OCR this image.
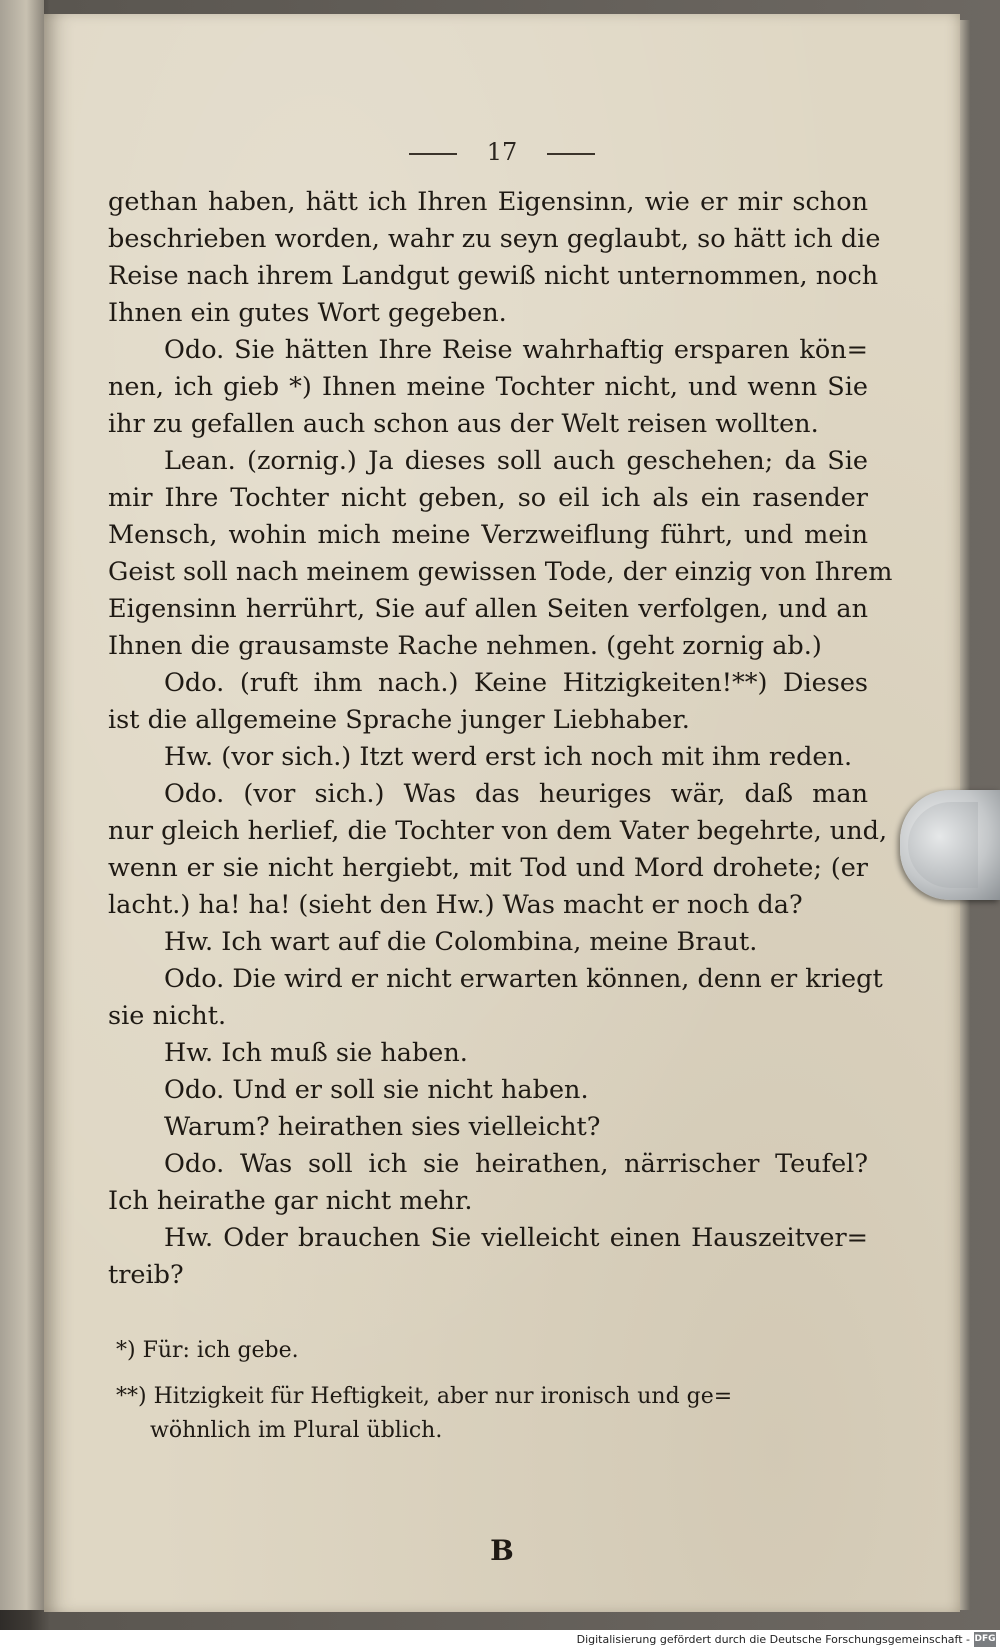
17
gethan haben, hätt ich Ihren Eigensinn, wie er mir schon
beschrieben worden, wahr zu seyn geglaubt, so hätt ich die
Reise nach ihrem Landgut gewiß nicht unternommen, noch
Ihnen ein gutes Wort gegeben.
Odo. Sie hätten Ihre Reise wahrhaftig ersparen kön=
nen, ich gieb *) Ihnen meine Tochter nicht, und wenn Sie
ihr zu gefallen auch schon aus der Welt reisen wollten.
Lean. (zornig.) Ja dieses soll auch geschehen; da Sie
mir Ihre Tochter nicht geben, so eil ich als ein rasender
Mensch, wohin mich meine Verzweiflung führt, und mein
Geist soll nach meinem gewissen Tode, der einzig von Ihrem
Eigensinn herrührt, Sie auf allen Seiten verfolgen, und an
Ihnen die grausamste Rache nehmen. (geht zornig ab.)
Odo. (ruft ihm nach.) Keine Hitzigkeiten!**) Dieses
ist die allgemeine Sprache junger Liebhaber.
Hw. (vor sich.) Itzt werd erst ich noch mit ihm reden.
Odo. (vor sich.) Was das heuriges wär, daß man
nur gleich herlief, die Tochter von dem Vater begehrte, und,
wenn er sie nicht hergiebt, mit Tod und Mord drohete; (er
lacht.) ha! ha! (sieht den Hw.) Was macht er noch da?
Hw. Ich wart auf die Colombina, meine Braut.
Odo. Die wird er nicht erwarten können, denn er kriegt
sie nicht.
Hw. Ich muß sie haben.
Odo. Und er soll sie nicht haben.
Warum? heirathen sies vielleicht?
Odo. Was soll ich sie heirathen, närrischer Teufel?
Ich heirathe gar nicht mehr.
Hw. Oder brauchen Sie vielleicht einen Hauszeitver=
treib?
*) Für: ich gebe.
**) Hitzigkeit für Heftigkeit, aber nur ironisch und ge=
wöhnlich im Plural üblich.
B
Digitalisierung gefördert durch die Deutsche Forschungsgemeinschaft - DFG
